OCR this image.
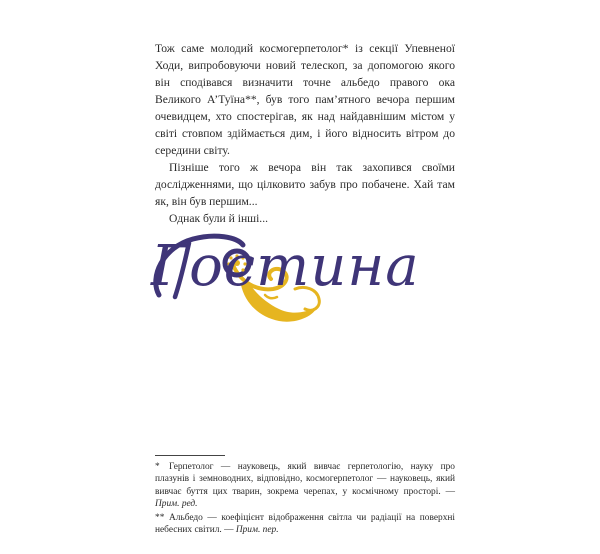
Тож саме молодий космогерпетолог* із секції Упевненої Ходи, випробовуючи новий телескоп, за допомогою якого він сподівався визначити точне альбедо правого ока Великого А’Туїна**, був того пам’ятного вечора першим очевидцем, хто спостерігав, як над найдавнішим містом у світі стовпом здіймається дим, і його відносить вітром до середини світу.

Пізніше того ж вечора він так захопився своїми дослідженнями, що цілковито забув про побачене. Хай там як, він був першим...

Однак були й інші...

Гостина

* Герпетолог — науковець, який вивчає герпетологію, науку про плазунів і земноводних, відповідно, космогерпетолог — науковець, який вивчає буття цих тварин, зокрема черепах, у космічному просторі. — Прим. ред.

** Альбедо — коефіцієнт відображення світла чи радіації на поверхні небесних світил. — Прим. пер.
